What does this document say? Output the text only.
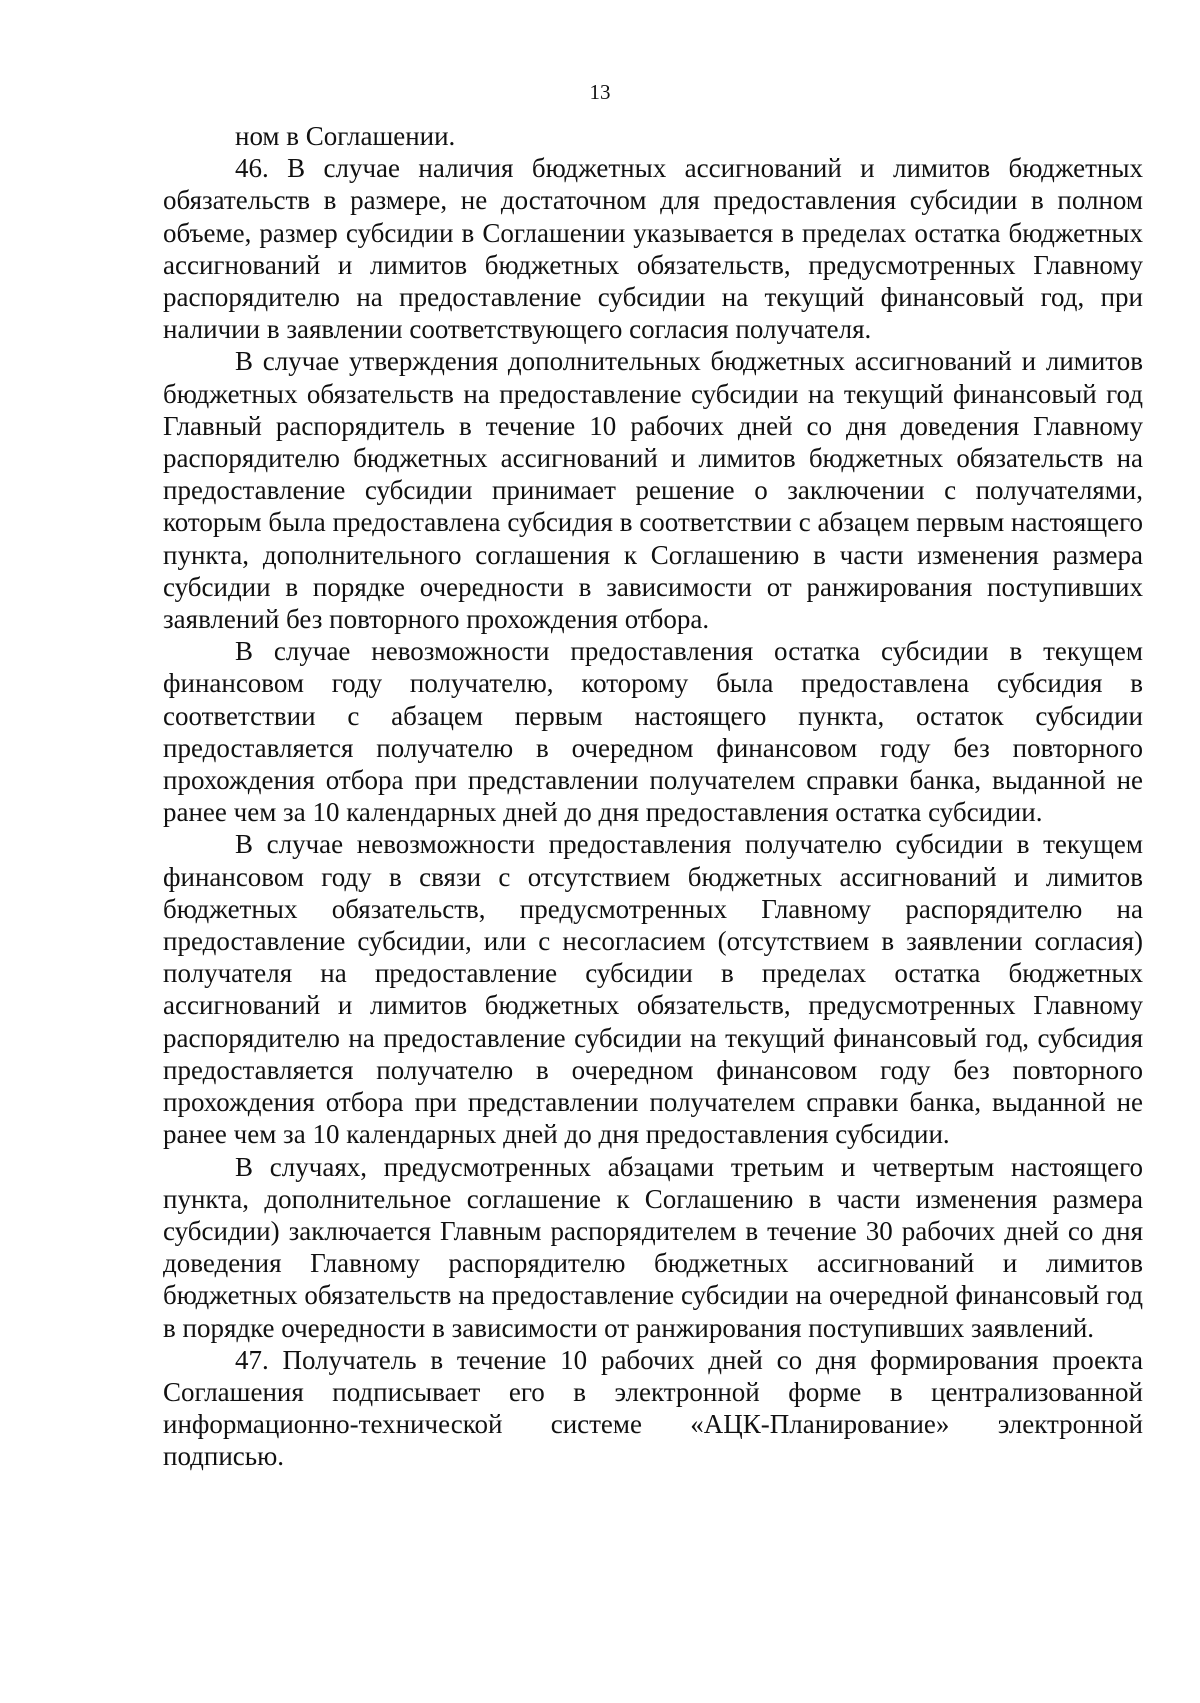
13

ном в Соглашении.

46. В случае наличия бюджетных ассигнований и лимитов бюджетных обязательств в размере, не достаточном для предоставления субсидии в полном объеме, размер субсидии в Соглашении указывается в пределах остатка бюджетных ассигнований и лимитов бюджетных обязательств, предусмотренных Главному распорядителю на предоставление субсидии на текущий финансовый год, при наличии в заявлении соответствующего согласия получателя.

В случае утверждения дополнительных бюджетных ассигнований и лимитов бюджетных обязательств на предоставление субсидии на текущий финансовый год Главный распорядитель в течение 10 рабочих дней со дня доведения Главному распорядителю бюджетных ассигнований и лимитов бюджетных обязательств на предоставление субсидии принимает решение о заключении с получателями, которым была предоставлена субсидия в соответствии с абзацем первым настоящего пункта, дополнительного соглашения к Соглашению в части изменения размера субсидии в порядке очередности в зависимости от ранжирования поступивших заявлений без повторного прохождения отбора.

В случае невозможности предоставления остатка субсидии в текущем финансовом году получателю, которому была предоставлена субсидия в соответствии с абзацем первым настоящего пункта, остаток субсидии предоставляется получателю в очередном финансовом году без повторного прохождения отбора при представлении получателем справки банка, выданной не ранее чем за 10 календарных дней до дня предоставления остатка субсидии.

В случае невозможности предоставления получателю субсидии в текущем финансовом году в связи с отсутствием бюджетных ассигнований и лимитов бюджетных обязательств, предусмотренных Главному распорядителю на предоставление субсидии, или с несогласием (отсутствием в заявлении согласия) получателя на предоставление субсидии в пределах остатка бюджетных ассигнований и лимитов бюджетных обязательств, предусмотренных Главному распорядителю на предоставление субсидии на текущий финансовый год, субсидия предоставляется получателю в очередном финансовом году без повторного прохождения отбора при представлении получателем справки банка, выданной не ранее чем за 10 календарных дней до дня предоставления субсидии.

В случаях, предусмотренных абзацами третьим и четвертым настоящего пункта, дополнительное соглашение к Соглашению в части изменения размера субсидии) заключается Главным распорядителем в течение 30 рабочих дней со дня доведения Главному распорядителю бюджетных ассигнований и лимитов бюджетных обязательств на предоставление субсидии на очередной финансовый год в порядке очередности в зависимости от ранжирования поступивших заявлений.

47. Получатель в течение 10 рабочих дней со дня формирования проекта Соглашения подписывает его в электронной форме в централизованной информационно-технической системе «АЦК-Планирование» электронной подписью.
